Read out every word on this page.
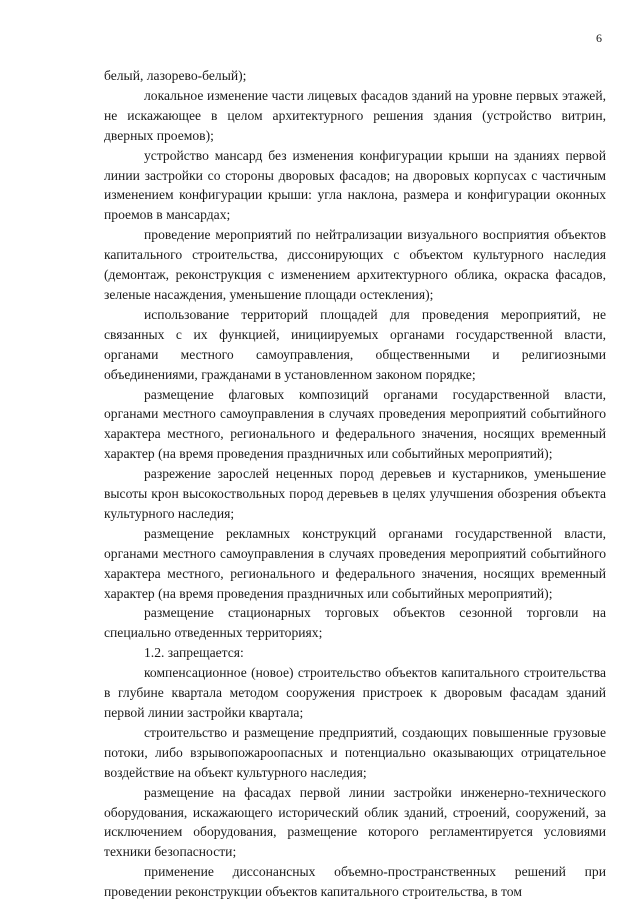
6

белый, лазорево-белый);

локальное изменение части лицевых фасадов зданий на уровне первых этажей, не искажающее в целом архитектурного решения здания (устройство витрин, дверных проемов);

устройство мансард без изменения конфигурации крыши на зданиях первой линии застройки со стороны дворовых фасадов; на дворовых корпусах с частичным изменением конфигурации крыши: угла наклона, размера и конфигурации оконных проемов в мансардах;

проведение мероприятий по нейтрализации визуального восприятия объектов капитального строительства, диссонирующих с объектом культурного наследия (демонтаж, реконструкция с изменением архитектурного облика, окраска фасадов, зеленые насаждения, уменьшение площади остекления);

использование территорий площадей для проведения мероприятий, не связанных с их функцией, инициируемых органами государственной власти, органами местного самоуправления, общественными и религиозными объединениями, гражданами в установленном законом порядке;

размещение флаговых композиций органами государственной власти, органами местного самоуправления в случаях проведения мероприятий событийного характера местного, регионального и федерального значения, носящих временный характер (на время проведения праздничных или событийных мероприятий);

разрежение зарослей неценных пород деревьев и кустарников, уменьшение высоты крон высокоствольных пород деревьев в целях улучшения обозрения объекта культурного наследия;

размещение рекламных конструкций органами государственной власти, органами местного самоуправления в случаях проведения мероприятий событийного характера местного, регионального и федерального значения, носящих временный характер (на время проведения праздничных или событийных мероприятий);

размещение стационарных торговых объектов сезонной торговли на специально отведенных территориях;

1.2. запрещается:

компенсационное (новое) строительство объектов капитального строительства в глубине квартала методом сооружения пристроек к дворовым фасадам зданий первой линии застройки квартала;

строительство и размещение предприятий, создающих повышенные грузовые потоки, либо взрывопожароопасных и потенциально оказывающих отрицательное воздействие на объект культурного наследия;

размещение на фасадах первой линии застройки инженерно-технического оборудования, искажающего исторический облик зданий, строений, сооружений, за исключением оборудования, размещение которого регламентируется условиями техники безопасности;

применение диссонансных объемно-пространственных решений при проведении реконструкции объектов капитального строительства, в том
